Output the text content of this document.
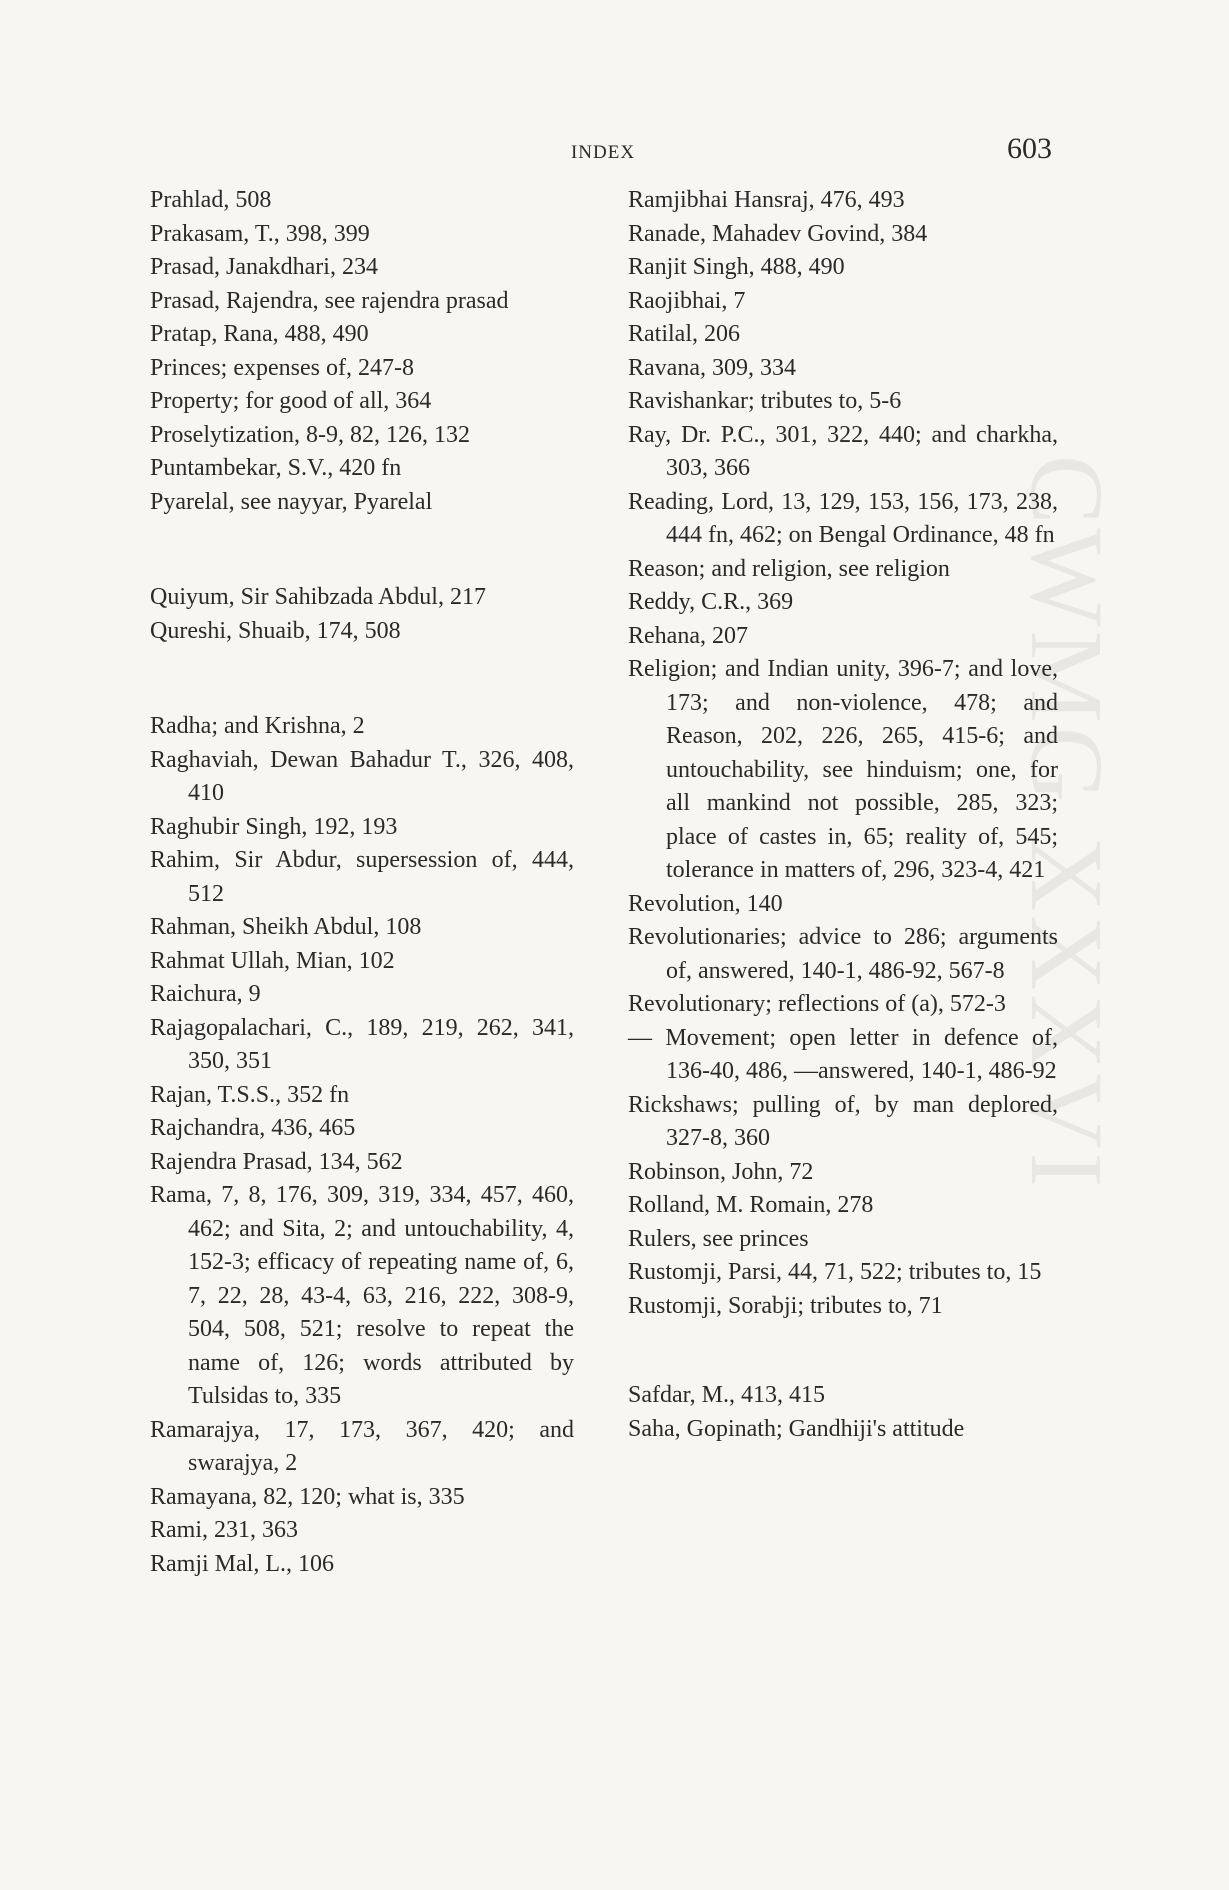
CWMG XXXVI
INDEX	603
Prahlad, 508
Prakasam, T., 398, 399
Prasad, Janakdhari, 234
Prasad, Rajendra, see rajendra prasad
Pratap, Rana, 488, 490
Princes; expenses of, 247-8
Property; for good of all, 364
Proselytization, 8-9, 82, 126, 132
Puntambekar, S.V., 420 fn
Pyarelal, see nayyar, Pyarelal
Quiyum, Sir Sahibzada Abdul, 217
Qureshi, Shuaib, 174, 508
Radha; and Krishna, 2
Raghaviah, Dewan Bahadur T., 326, 408, 410
Raghubir Singh, 192, 193
Rahim, Sir Abdur, supersession of, 444, 512
Rahman, Sheikh Abdul, 108
Rahmat Ullah, Mian, 102
Raichura, 9
Rajagopalachari, C., 189, 219, 262, 341, 350, 351
Rajan, T.S.S., 352 fn
Rajchandra, 436, 465
Rajendra Prasad, 134, 562
Rama, 7, 8, 176, 309, 319, 334, 457, 460, 462; and Sita, 2; and untouchability, 4, 152-3; efficacy of repeating name of, 6, 7, 22, 28, 43-4, 63, 216, 222, 308-9, 504, 508, 521; resolve to repeat the name of, 126; words attributed by Tulsidas to, 335
Ramarajya, 17, 173, 367, 420; and swarajya, 2
Ramayana, 82, 120; what is, 335
Rami, 231, 363
Ramji Mal, L., 106
Ramjibhai Hansraj, 476, 493
Ranade, Mahadev Govind, 384
Ranjit Singh, 488, 490
Raojibhai, 7
Ratilal, 206
Ravana, 309, 334
Ravishankar; tributes to, 5-6
Ray, Dr. P.C., 301, 322, 440; and charkha, 303, 366
Reading, Lord, 13, 129, 153, 156, 173, 238, 444 fn, 462; on Bengal Ordinance, 48 fn
Reason; and religion, see religion
Reddy, C.R., 369
Rehana, 207
Religion; and Indian unity, 396-7; and love, 173; and non-violence, 478; and Reason, 202, 226, 265, 415-6; and untouchability, see hinduism; one, for all mankind not possible, 285, 323; place of castes in, 65; reality of, 545; tolerance in matters of, 296, 323-4, 421
Revolution, 140
Revolutionaries; advice to 286; arguments of, answered, 140-1, 486-92, 567-8
Revolutionary; reflections of (a), 572-3
— Movement; open letter in defence of, 136-40, 486, —answered, 140-1, 486-92
Rickshaws; pulling of, by man deplored, 327-8, 360
Robinson, John, 72
Rolland, M. Romain, 278
Rulers, see princes
Rustomji, Parsi, 44, 71, 522; tributes to, 15
Rustomji, Sorabji; tributes to, 71
Safdar, M., 413, 415
Saha, Gopinath; Gandhiji's attitude
